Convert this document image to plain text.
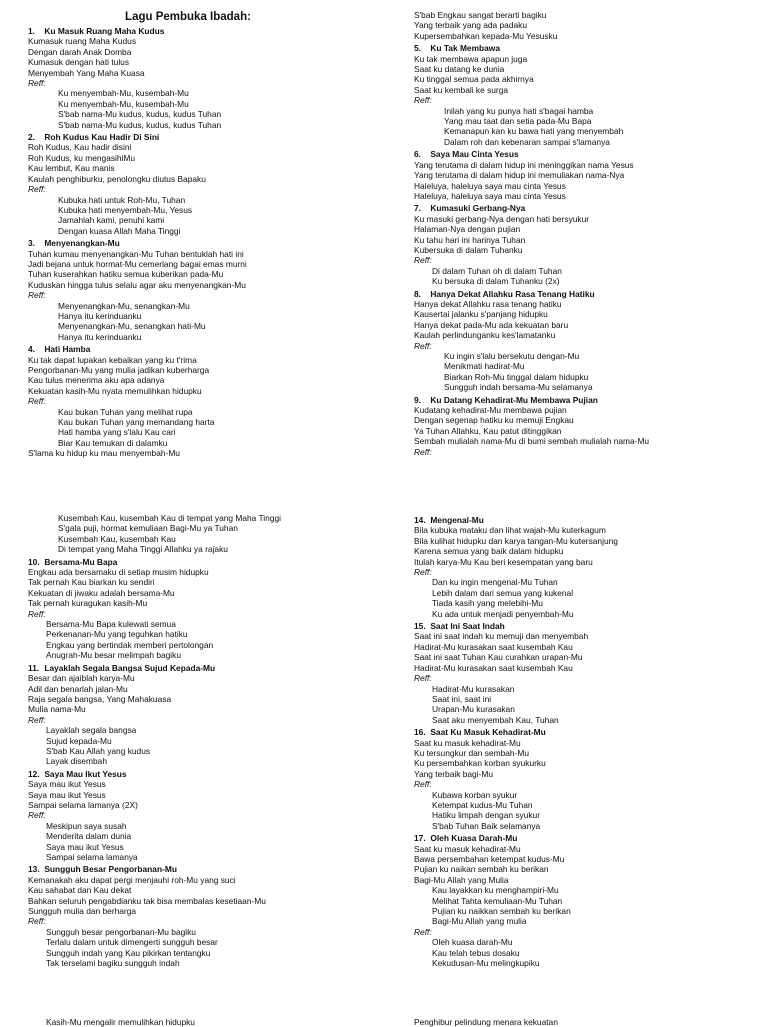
Lagu Pembuka Ibadah:
1. Ku Masuk Ruang Maha Kudus
Kumasuk ruang Maha Kudus
Dengan darah Anak Domba
Kumasuk dengan hati tulus
Menyembah Yang Maha Kuasa
Reff:
Ku menyembah-Mu, kusembah-Mu
Ku menyembah-Mu, kusembah-Mu
S'bab nama-Mu kudus, kudus, kudus Tuhan
S'bab nama-Mu kudus, kudus, kudus Tuhan
2. Roh Kudus Kau Hadir Di Sini
Roh Kudus, Kau hadir disini
Roh Kudus, ku mengasihiMu
Kau lembut, Kau manis
Kaulah penghiburku, penolongku diutus Bapaku
Reff:
Kubuka hati untuk Roh-Mu, Tuhan
Kubuka hati menyembah-Mu, Yesus
Jamahlah kami, penuhi kami
Dengan kuasa Allah Maha Tinggi
3. Menyenangkan-Mu
Tuhan kumau menyenangkan-Mu Tuhan bentuklah hati ini
Jadi bejana untuk hormat-Mu cemerlang bagai emas murni
Tuhan kuserahkan hatiku semua kuberikan pada-Mu
Kuduskan hingga tulus selalu agar aku menyenangkan-Mu
Reff:
Menyenangkan-Mu, senangkan-Mu
Hanya itu kerinduanku
Menyenangkan-Mu, senangkan hati-Mu
Hanya itu kerinduanku
4. Hati Hamba
Ku tak dapat lupakan kebaikan yang ku t'rima
Pengorbanan-Mu yang mulia jadikan kuberharga
Kau tulus menerima aku apa adanya
Kekuatan kasih-Mu nyata memulihkan hidupku
Reff:
Kau bukan Tuhan yang melihat rupa
Kau bukan Tuhan yang memandang harta
Hati hamba yang s'lalu Kau cari
Biar Kau temukan di dalamku
S'lama ku hidup ku mau menyembah-Mu
S'bab Engkau sangat berarti bagiku
Yang terbaik yang ada padaku
Kupersembahkan kepada-Mu Yesusku
5. Ku Tak Membawa
Ku tak membawa apapun juga
Saat ku datang ke dunia
Ku tinggal semua pada akhirnya
Saat ku kembali ke surga
Reff:
Inilah yang ku punya hati s'bagai hamba
Yang mau taat dan setia pada-Mu Bapa
Kemanapun kan ku bawa hati yang menyembah
Dalam roh dan kebenaran sampai s'lamanya
6. Saya Mau Cinta Yesus
Yang terutama di dalam hidup ini meninggikan nama Yesus
Yang terutama di dalam hidup ini memuliakan nama-Nya
Haleluya, haleluya saya mau cinta Yesus
Haleluya, haleluya saya mau cinta Yesus
7. Kumasuki Gerbang-Nya
Ku masuki gerbang-Nya dengan hati bersyukur
Halaman-Nya dengan pujian
Ku tahu hari ini harinya Tuhan
Kubersuka di dalam Tuhanku
Reff:
Di dalam Tuhan oh di dalam Tuhan
Ku bersuka di dalam Tuhanku (2x)
8. Hanya Dekat Allahku Rasa Tenang Hatiku
Hanya dekat Allahku rasa tenang hatiku
Kausertai jalanku s'panjang hidupku
Hanya dekat pada-Mu ada kekuatan baru
Kaulah perlindunganku kes'lamatanku
Reff:
Ku ingin s'lalu bersekutu dengan-Mu
Menikmati hadirat-Mu
Biarkan Roh-Mu tinggal dalam hidupku
Sungguh indah bersama-Mu selamanya
9. Ku Datang Kehadirat-Mu Membawa Pujian
Kudatang kehadirat-Mu membawa pujian
Dengan segenap hatiku ku memuji Engkau
Ya Tuhan Allahku, Kau patut ditinggikan
Sembah mulialah nama-Mu di bumi sembah mulialah nama-Mu
Reff:
Kusembah Kau, kusembah Kau di tempat yang Maha Tinggi
S'gala puji, hormat kemuliaan Bagi-Mu ya Tuhan
Kusembah Kau, kusembah Kau
Di tempat yang Maha Tinggi Allahku ya rajaku
10. Bersama-Mu Bapa
Engkau ada bersamaku di setiap musim hidupku
Tak pernah Kau biarkan ku sendiri
Kekuatan di jiwaku adalah bersama-Mu
Tak pernah kuragukan kasih-Mu
Reff:
Bersama-Mu Bapa kulewati semua
Perkenanan-Mu yang teguhkan hatiku
Engkau yang bertindak memberi pertolongan
Anugrah-Mu besar melimpah bagiku
11. Layaklah Segala Bangsa Sujud Kepada-Mu
Besar dan ajaiblah karya-Mu
Adil dan benarlah jalan-Mu
Raja segala bangsa, Yang Mahakuasa
Mulia nama-Mu
Reff:
Layaklah segala bangsa
Sujud kepada-Mu
S'bab Kau Allah yang kudus
Layak disembah
12. Saya Mau Ikut Yesus
Saya mau ikut Yesus
Saya mau ikut Yesus
Sampai selama lamanya (2X)
Reff:
Meskipun saya susah
Menderita dalam dunia
Saya mau ikut Yesus
Sampai selama lamanya
13. Sungguh Besar Pengorbanan-Mu
Kemanakah aku dapat pergi menjauhi roh-Mu yang suci
Kau sahabat dan Kau dekat
Bahkan seluruh pengabdianku tak bisa membalas kesetiaan-Mu
Sungguh mulia dan berharga
Reff:
Sungguh besar pengorbanan-Mu bagiku
Terlalu dalam untuk dimengerti sungguh besar
Sungguh indah yang Kau pikirkan tentangku
Tak terselami bagiku sungguh indah
14. Mengenal-Mu
Bila kubuka mataku dan lihat wajah-Mu kuterkagum
Bila kulihat hidupku dan karya tangan-Mu kutersanjung
Karena semua yang baik dalam hidupku
Itulah karya-Mu Kau beri kesempatan yang baru
Reff:
Dan ku ingin mengenal-Mu Tuhan
Lebih dalam dari semua yang kukenal
Tiada kasih yang melebihi-Mu
Ku ada untuk menjadi penyembah-Mu
15. Saat Ini Saat Indah
Saat ini saat indah ku memuji dan menyembah
Hadirat-Mu kurasakan saat kusembah Kau
Saat ini saat Tuhan Kau curahkan urapan-Mu
Hadirat-Mu kurasakan saat kusembah Kau
Reff:
Hadirat-Mu kurasakan
Saat ini, saat ini
Urapan-Mu kurasakan
Saat aku menyembah Kau, Tuhan
16. Saat Ku Masuk Kehadirat-Mu
Saat ku masuk kehadirat-Mu
Ku tersungkur dan sembah-Mu
Ku persembahkan korban syukurku
Yang terbaik bagi-Mu
Reff:
Kubawa korban syukur
Ketempat kudus-Mu Tuhan
Hatiku limpah dengan syukur
S'bab Tuhan Baik selamanya
17. Oleh Kuasa Darah-Mu
Saat ku masuk kehadirat-Mu
Bawa persembahan ketempat kudus-Mu
Pujian ku naikan sembah ku berikan
Bagi-Mu Allah yang Mulia
Kau layakkan ku menghampiri-Mu
Melihat Tahta kemuliaan-Mu Tuhan
Pujian ku naikkan sembah ku berikan
Bagi-Mu Allah yang mulia
Reff:
Oleh kuasa darah-Mu
Kau telah tebus dosaku
Kekudusan-Mu melingkupiku
Kasih-Mu mengalir memulihkan hidupku	Penghibur pelindung menara kekuatan
